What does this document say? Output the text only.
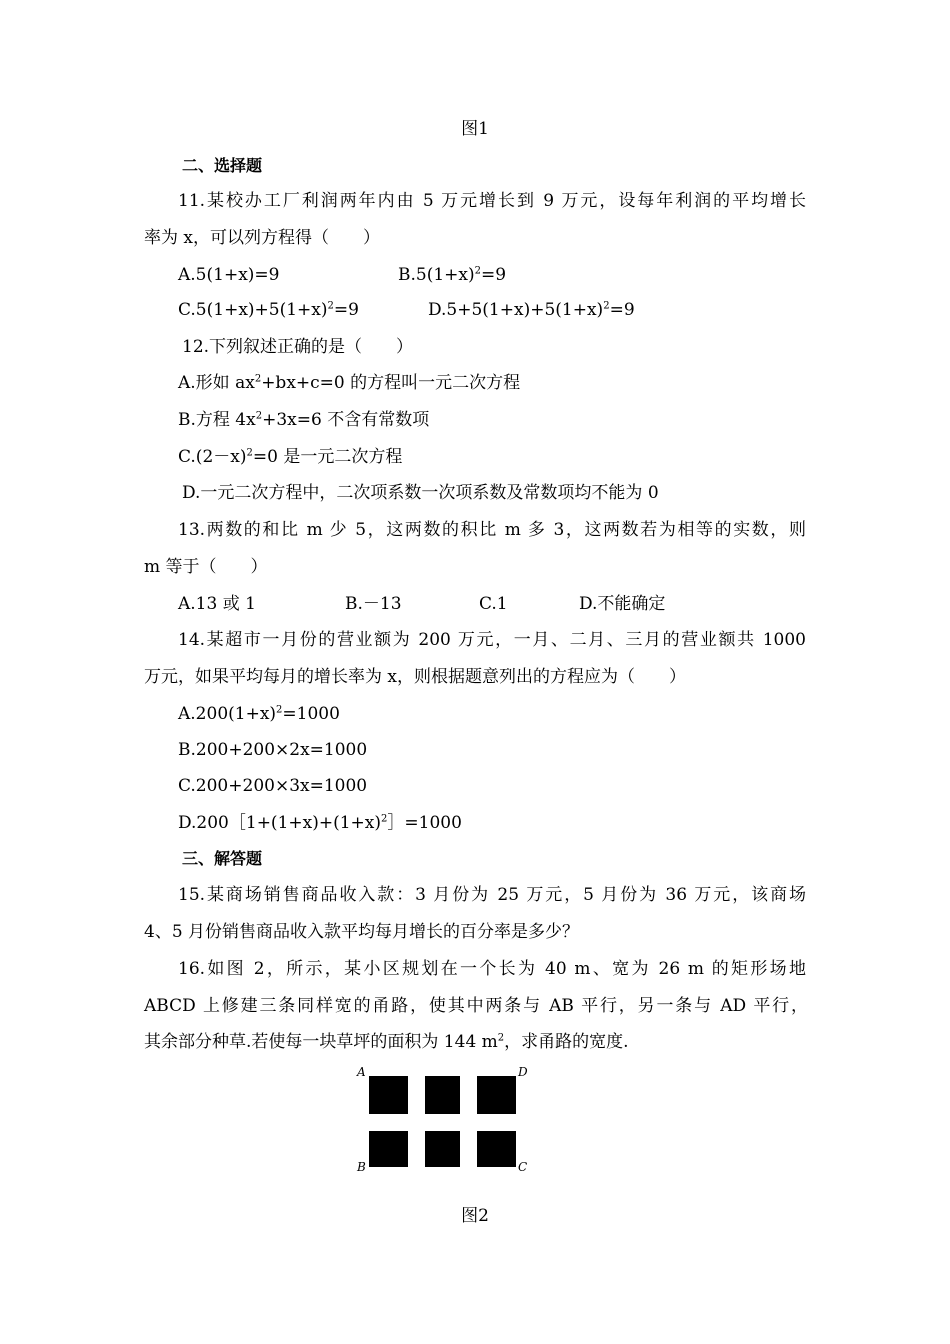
图1
二、选择题
11.某校办工厂利润两年内由 5 万元增长到 9 万元，设每年利润的平均增长
率为 x，可以列方程得（　　）
A.5(1+x)=9	$B.5(1+x)^2=9$
$C.5(1+x)+5(1+x)^2=9$	$D.5+5(1+x)+5(1+x)^2=9$
12.下列叙述正确的是（　　）
A.形如 $ax^2+bx+c=0$ 的方程叫一元二次方程
B.方程 $4x^2+3x=6$ 不含有常数项
$C.(2-x)^2=0$ 是一元二次方程
D.一元二次方程中，二次项系数一次项系数及常数项均不能为 0
13.两数的和比 m 少 5，这两数的积比 m 多 3，这两数若为相等的实数，则
m 等于（　　）
A.13 或 1	B.－13	C.1	D.不能确定
14.某超市一月份的营业额为 200 万元，一月、二月、三月的营业额共 1000
万元，如果平均每月的增长率为 x，则根据题意列出的方程应为（　　）
$A.200(1+x)^2=1000$
B.200+200×2x=1000
C.200+200×3x=1000
$D.200[1+(1+x)+(1+x)^2]=1000$
三、解答题
15.某商场销售商品收入款：3 月份为 25 万元，5 月份为 36 万元，该商场
4、5 月份销售商品收入款平均每月增长的百分率是多少？
16.如图 2，所示，某小区规划在一个长为 40 m、宽为 26 m 的矩形场地
ABCD 上修建三条同样宽的甬路，使其中两条与 AB 平行，另一条与 AD 平行，
其余部分种草.若使每一块草坪的面积为 144 $m^2$，求甬路的宽度.
A	D
B	C
图2
